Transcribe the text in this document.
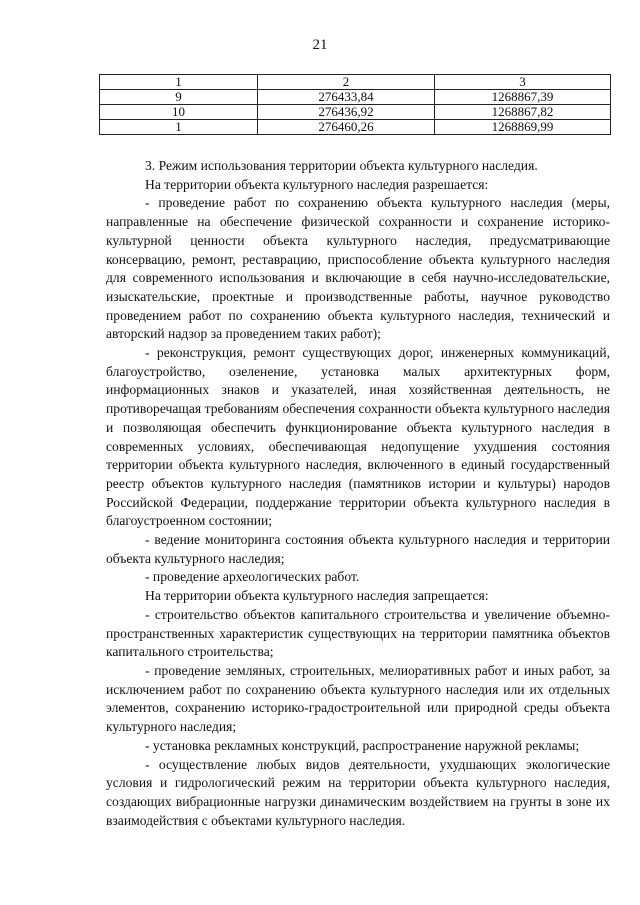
21
1	2	3
9	276433,84	1268867,39
10	276436,92	1268867,82
1	276460,26	1268869,99

3. Режим использования территории объекта культурного наследия.

На территории объекта культурного наследия разрешается:

- проведение работ по сохранению объекта культурного наследия (меры, направленные на обеспечение физической сохранности и сохранение историко-культурной ценности объекта культурного наследия, предусматривающие консервацию, ремонт, реставрацию, приспособление объекта культурного наследия для современного использования и включающие в себя научно-исследовательские, изыскательские, проектные и производственные работы, научное руководство проведением работ по сохранению объекта культурного наследия, технический и авторский надзор за проведением таких работ);

- реконструкция, ремонт существующих дорог, инженерных коммуникаций, благоустройство, озеленение, установка малых архитектурных форм, информационных знаков и указателей, иная хозяйственная деятельность, не противоречащая требованиям обеспечения сохранности объекта культурного наследия и позволяющая обеспечить функционирование объекта культурного наследия в современных условиях, обеспечивающая недопущение ухудшения состояния территории объекта культурного наследия, включенного в единый государственный реестр объектов культурного наследия (памятников истории и культуры) народов Российской Федерации, поддержание территории объекта культурного наследия в благоустроенном состоянии;

- ведение мониторинга состояния объекта культурного наследия и территории объекта культурного наследия;

- проведение археологических работ.

На территории объекта культурного наследия запрещается:

- строительство объектов капитального строительства и увеличение объемно-пространственных характеристик существующих на территории памятника объектов капитального строительства;

- проведение земляных, строительных, мелиоративных работ и иных работ, за исключением работ по сохранению объекта культурного наследия или их отдельных элементов, сохранению историко-градостроительной или природной среды объекта культурного наследия;

- установка рекламных конструкций, распространение наружной рекламы;

- осуществление любых видов деятельности, ухудшающих экологические условия и гидрологический режим на территории объекта культурного наследия, создающих вибрационные нагрузки динамическим воздействием на грунты в зоне их взаимодействия с объектами культурного наследия.
